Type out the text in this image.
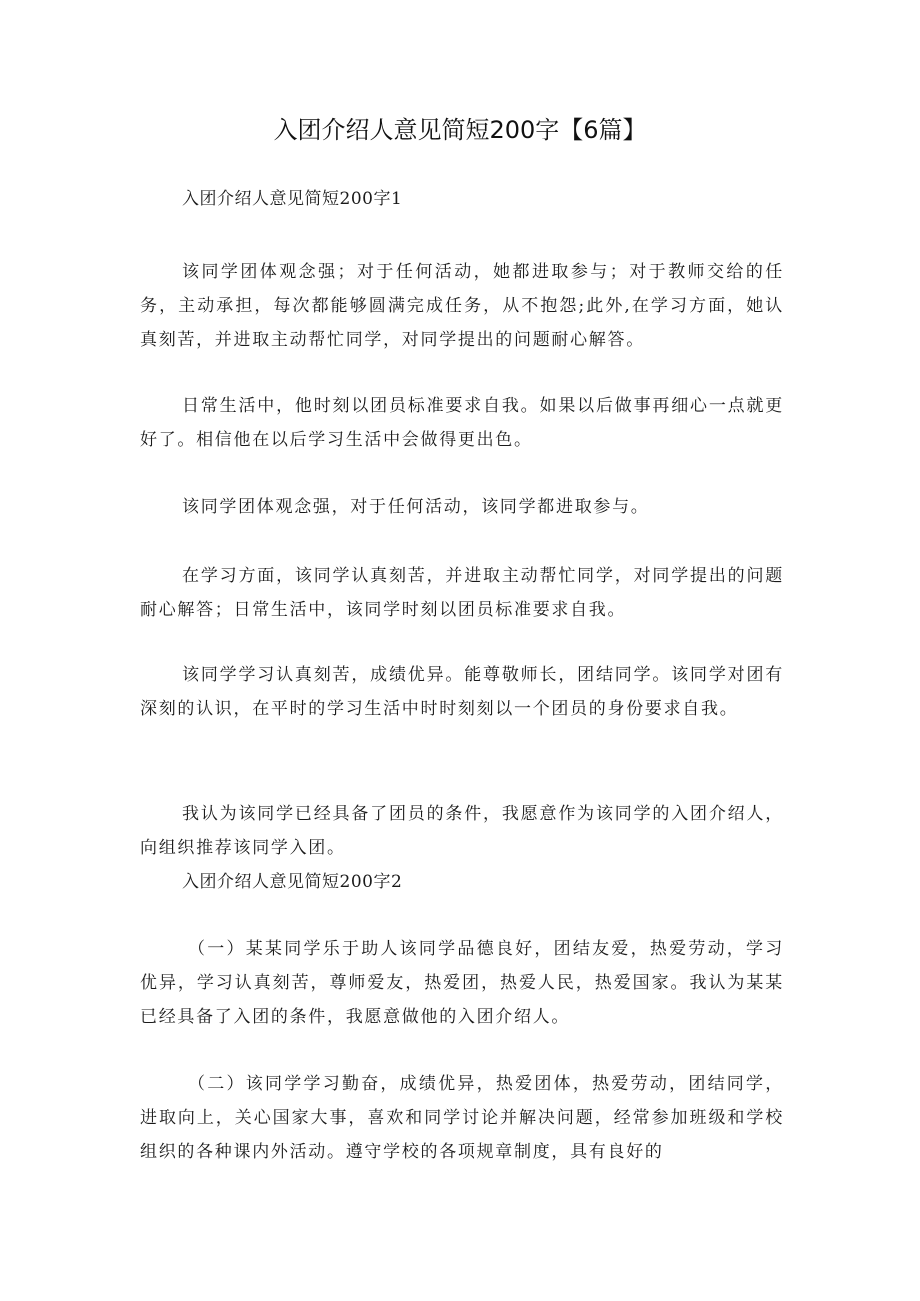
入团介绍人意见简短200字【6篇】
入团介绍人意见简短200字1
该同学团体观念强；对于任何活动，她都进取参与；对于教师交给的任务，主动承担，每次都能够圆满完成任务，从不抱怨;此外,在学习方面，她认真刻苦，并进取主动帮忙同学，对同学提出的问题耐心解答。
日常生活中，他时刻以团员标准要求自我。如果以后做事再细心一点就更好了。相信他在以后学习生活中会做得更出色。
该同学团体观念强，对于任何活动，该同学都进取参与。
在学习方面，该同学认真刻苦，并进取主动帮忙同学，对同学提出的问题耐心解答；日常生活中，该同学时刻以团员标准要求自我。
该同学学习认真刻苦，成绩优异。能尊敬师长，团结同学。该同学对团有深刻的认识，在平时的学习生活中时时刻刻以一个团员的身份要求自我。
我认为该同学已经具备了团员的条件，我愿意作为该同学的入团介绍人，向组织推荐该同学入团。
入团介绍人意见简短200字2
（一）某某同学乐于助人该同学品德良好，团结友爱，热爱劳动，学习优异，学习认真刻苦，尊师爱友，热爱团，热爱人民，热爱国家。我认为某某已经具备了入团的条件，我愿意做他的入团介绍人。
（二）该同学学习勤奋，成绩优异，热爱团体，热爱劳动，团结同学，进取向上，关心国家大事，喜欢和同学讨论并解决问题，经常参加班级和学校组织的各种课内外活动。遵守学校的各项规章制度，具有良好的
